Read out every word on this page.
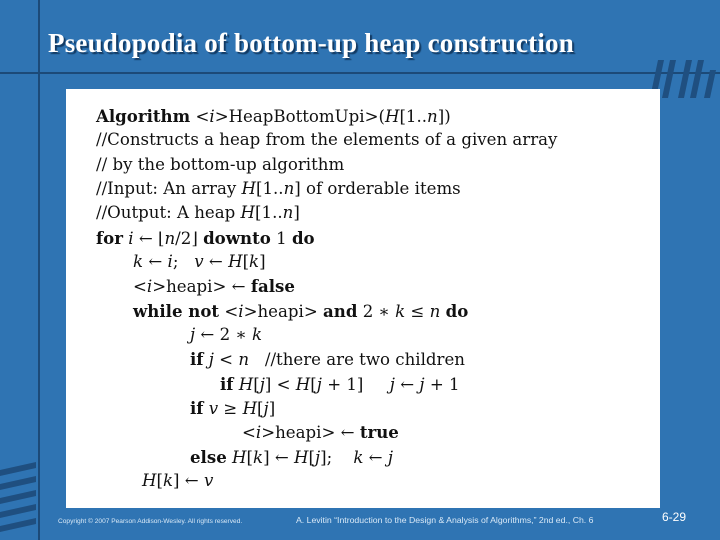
Pseudopodia of bottom-up heap construction
Algorithm <i>HeapBottomUpi>(H[1..n])
//Constructs a heap from the elements of a given array
// by the bottom-up algorithm
//Input: An array H[1..n] of orderable items
//Output: A heap H[1..n]
for i ← ⌊n/2⌋ downto 1 do
k ← i;   v ← H[k]
<i>heapi> ← false
while not <i>heapi> and 2 ∗ k ≤ n do
j ← 2 ∗ k
if j < n   //there are two children
if H[j] < H[j + 1]     j ← j + 1
if v ≥ H[j]
<i>heapi> ← true
else H[k] ← H[j];    k ← j
H[k] ← v
Copyright © 2007 Pearson Addison-Wesley. All rights reserved.	A. Levitin “Introduction to the Design & Analysis of Algorithms,” 2nd ed., Ch. 6	6-29
